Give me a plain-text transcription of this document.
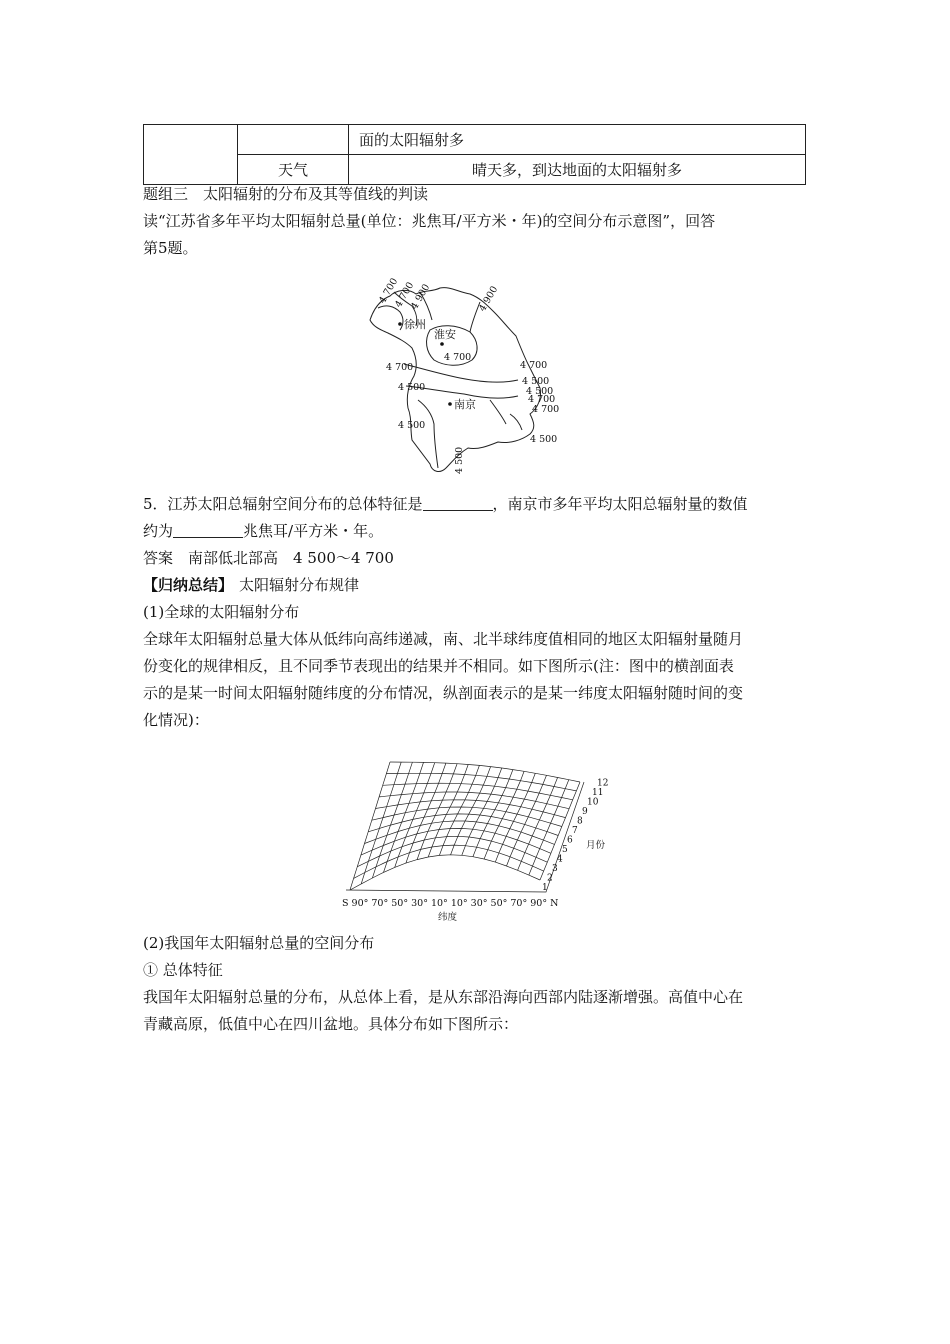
		面的太阳辐射多
	天气	晴天多，到达地面的太阳辐射多
题组三　太阳辐射的分布及其等值线的判读
读“江苏省多年平均太阳辐射总量(单位：兆焦耳/平方米・年)的空间分布示意图”，回答
第5题。
徐州
淮安
南京
4 700
4 700
4 900	4 900
4 700
4 700
4 500
4 500
4 700
4 500
4 500
4 700
4 700
4 500
4 500
5．江苏太阳总辐射空间分布的总体特征是	，南京市多年平均太阳总辐射量的数值
约为	兆焦耳/平方米・年。
答案　南部低北部高　4 500～4 700
【归纳总结】 太阳辐射分布规律
(1)全球的太阳辐射分布
全球年太阳辐射总量大体从低纬向高纬递减，南、北半球纬度值相同的地区太阳辐射量随月
份变化的规律相反，且不同季节表现出的结果并不相同。如下图所示(注：图中的横剖面表
示的是某一时间太阳辐射随纬度的分布情况，纵剖面表示的是某一纬度太阳辐射随时间的变
化情况)：
S 90° 70° 50° 30° 10° 10° 30° 50° 70° 90° N
纬度
月份
1
2
3
4
5
6
7
8
9
10
11
12
(2)我国年太阳辐射总量的空间分布
① 总体特征
我国年太阳辐射总量的分布，从总体上看，是从东部沿海向西部内陆逐渐增强。高值中心在
青藏高原，低值中心在四川盆地。具体分布如下图所示：
